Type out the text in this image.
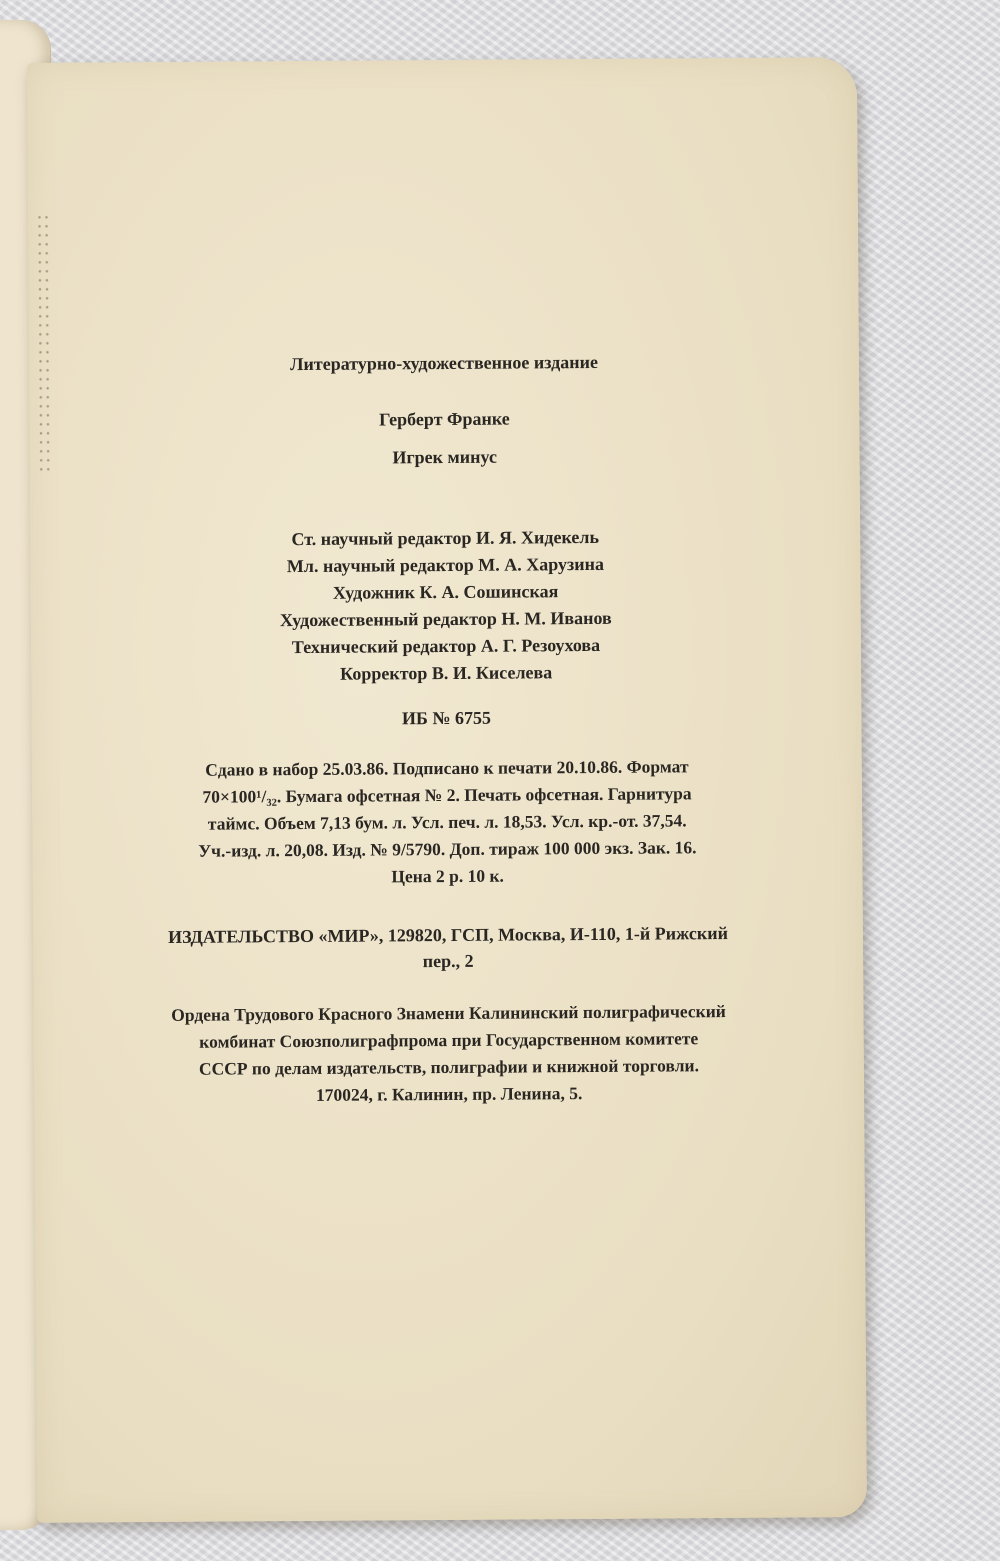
Литературно-художественное издание
Герберт Франке
Игрек минус
Ст. научный редактор И. Я. Хидекель
Мл. научный редактор М. А. Харузина
Художник К. А. Сошинская
Художественный редактор Н. М. Иванов
Технический редактор А. Г. Резоухова
Корректор В. И. Киселева
ИБ № 6755
Сдано в набор 25.03.86. Подписано к печати 20.10.86. Формат
70×100¹/₃₂. Бумага офсетная № 2. Печать офсетная. Гарнитура
таймс. Объем 7,13 бум. л. Усл. печ. л. 18,53. Усл. кр.-от. 37,54.
Уч.-изд. л. 20,08. Изд. № 9/5790. Доп. тираж 100 000 экз. Зак. 16.
Цена 2 р. 10 к.
ИЗДАТЕЛЬСТВО «МИР», 129820, ГСП, Москва, И-110, 1-й Рижский
пер., 2
Ордена Трудового Красного Знамени Калининский полиграфический
комбинат Союзполиграфпрома при Государственном комитете
СССР по делам издательств, полиграфии и книжной торговли.
170024, г. Калинин, пр. Ленина, 5.
